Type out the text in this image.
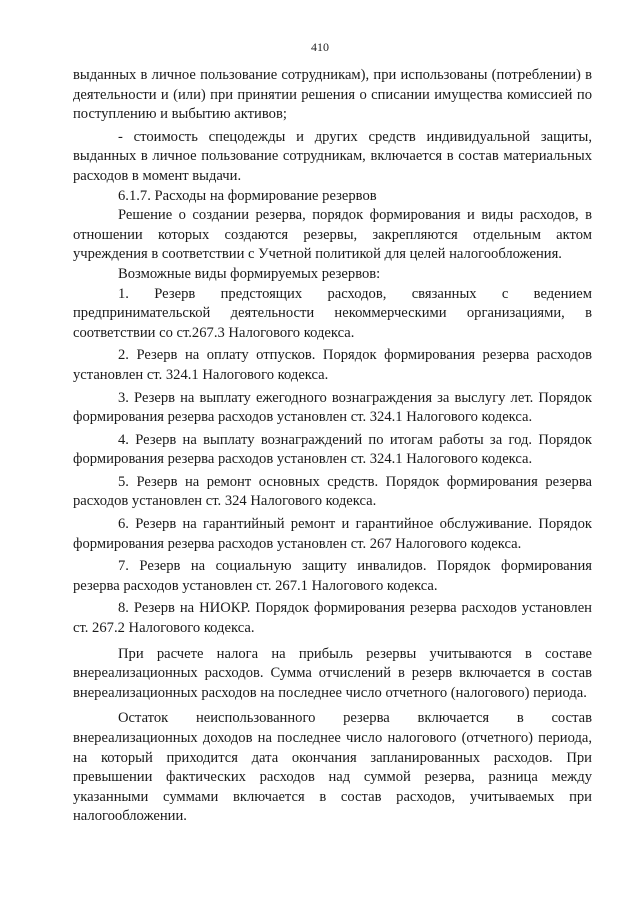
410

выданных в личное пользование сотрудникам), при использованы (потреблении) в деятельности и (или) при принятии решения о списании имущества комиссией по поступлению и выбытию активов;

- стоимость спецодежды и других средств индивидуальной защиты, выданных в личное пользование сотрудникам, включается в состав материальных расходов в момент выдачи.

6.1.7. Расходы на формирование резервов

Решение о создании резерва, порядок формирования и виды расходов, в отношении которых создаются резервы, закрепляются отдельным актом учреждения в соответствии с Учетной политикой для целей налогообложения.

Возможные виды формируемых резервов:

1. Резерв предстоящих расходов, связанных с ведением предпринимательской деятельности некоммерческими организациями, в соответствии со ст.267.3 Налогового кодекса.

2. Резерв на оплату отпусков. Порядок формирования резерва расходов установлен ст. 324.1 Налогового кодекса.

3. Резерв на выплату ежегодного вознаграждения за выслугу лет. Порядок формирования резерва расходов установлен ст. 324.1 Налогового кодекса.

4. Резерв на выплату вознаграждений по итогам работы за год. Порядок формирования резерва расходов установлен ст. 324.1 Налогового кодекса.

5. Резерв на ремонт основных средств. Порядок формирования резерва расходов установлен ст. 324 Налогового кодекса.

6. Резерв на гарантийный ремонт и гарантийное обслуживание. Порядок формирования резерва расходов установлен ст. 267 Налогового кодекса.

7. Резерв на социальную защиту инвалидов. Порядок формирования резерва расходов установлен ст. 267.1 Налогового кодекса.

8. Резерв на НИОКР. Порядок формирования резерва расходов установлен ст. 267.2 Налогового кодекса.

При расчете налога на прибыль резервы учитываются в составе внереализационных расходов. Сумма отчислений в резерв включается в состав внереализационных расходов на последнее число отчетного (налогового) периода.

Остаток неиспользованного резерва включается в состав внереализационных доходов на последнее число налогового (отчетного) периода, на который приходится дата окончания запланированных расходов. При превышении фактических расходов над суммой резерва, разница между указанными суммами включается в состав расходов, учитываемых при налогообложении.
